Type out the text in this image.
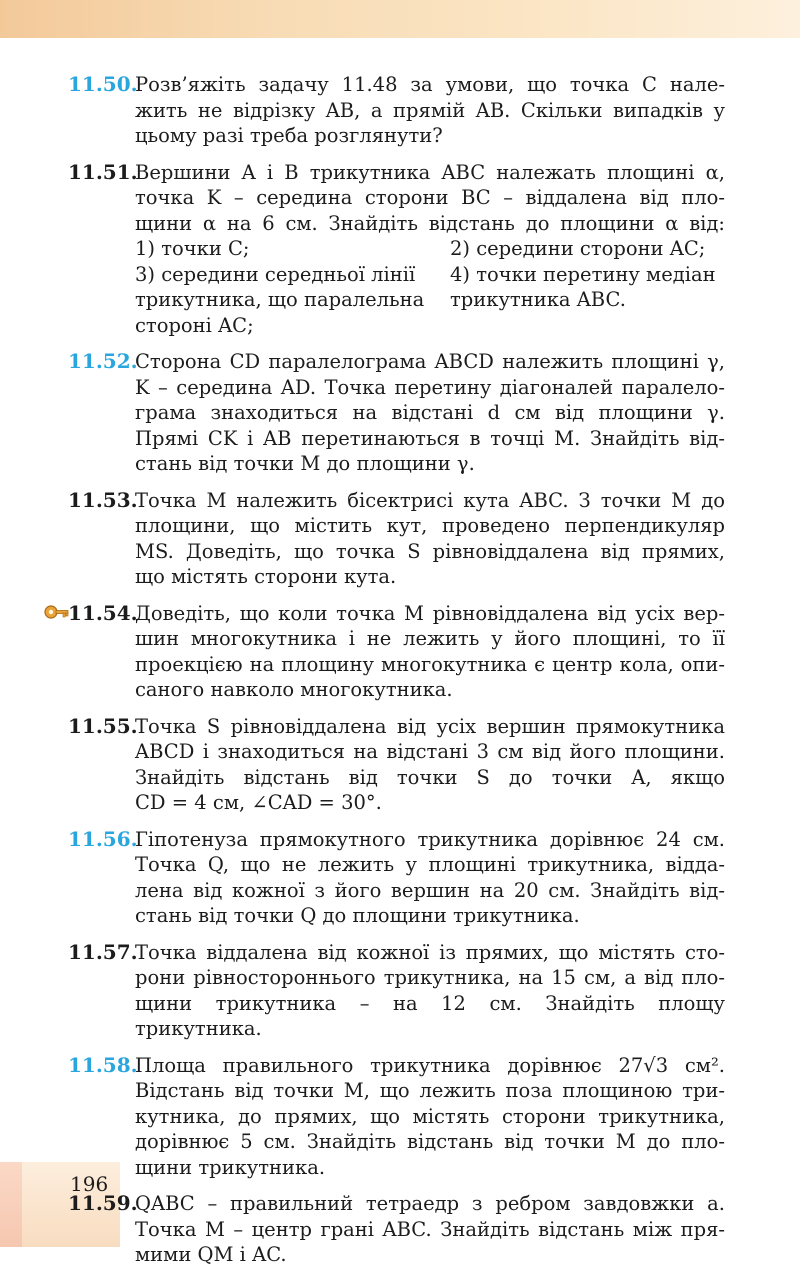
11.50.
Розв’яжіть задачу 11.48 за умови, що точка C нале-
жить не відрізку AB, а прямій AB. Скільки випадків у
цьому разі треба розглянути?
11.51.
Вершини A і B трикутника ABC належать площині α,
точка K – середина сторони BC – віддалена від пло-
щини α на 6 см. Знайдіть відстань до площини α від:
1) точки C;	2) середини сторони AC;
3) середини середньої лінії
трикутника, що паралельна
стороні AC;
4) точки перетину медіан
трикутника ABC.
11.52.
Сторона CD паралелограма ABCD належить площині γ,
K – середина AD. Точка перетину діагоналей паралело-
грама знаходиться на відстані d см від площини γ.
Прямі CK і AB перетинаються в точці M. Знайдіть від-
стань від точки M до площини γ.
11.53.
Точка M належить бісектрисі кута ABC. З точки M до
площини, що містить кут, проведено перпендикуляр
MS. Доведіть, що точка S рівновіддалена від прямих,
що містять сторони кута.
11.54.
Доведіть, що коли точка M рівновіддалена від усіх вер-
шин многокутника і не лежить у його площині, то її
проекцією на площину многокутника є центр кола, опи-
саного навколо многокутника.
11.55.
Точка S рівновіддалена від усіх вершин прямокутника
ABCD і знаходиться на відстані 3 см від його площини.
Знайдіть відстань від точки S до точки A, якщо
CD = 4 см, ∠CAD = 30°.
11.56.
Гіпотенуза прямокутного трикутника дорівнює 24 см.
Точка Q, що не лежить у площині трикутника, відда-
лена від кожної з його вершин на 20 см. Знайдіть від-
стань від точки Q до площини трикутника.
11.57.
Точка віддалена від кожної із прямих, що містять сто-
рони рівностороннього трикутника, на 15 см, а від пло-
щини трикутника – на 12 см. Знайдіть площу трикутника.
11.58.
Площа правильного трикутника дорівнює 27√3 см².
Відстань від точки M, що лежить поза площиною три-
кутника, до прямих, що містять сторони трикутника,
дорівнює 5 см. Знайдіть відстань від точки M до пло-
щини трикутника.
11.59.
QABC – правильний тетраедр з ребром завдовжки a.
Точка M – центр грані ABC. Знайдіть відстань між пря-
мими QM і AC.
196
